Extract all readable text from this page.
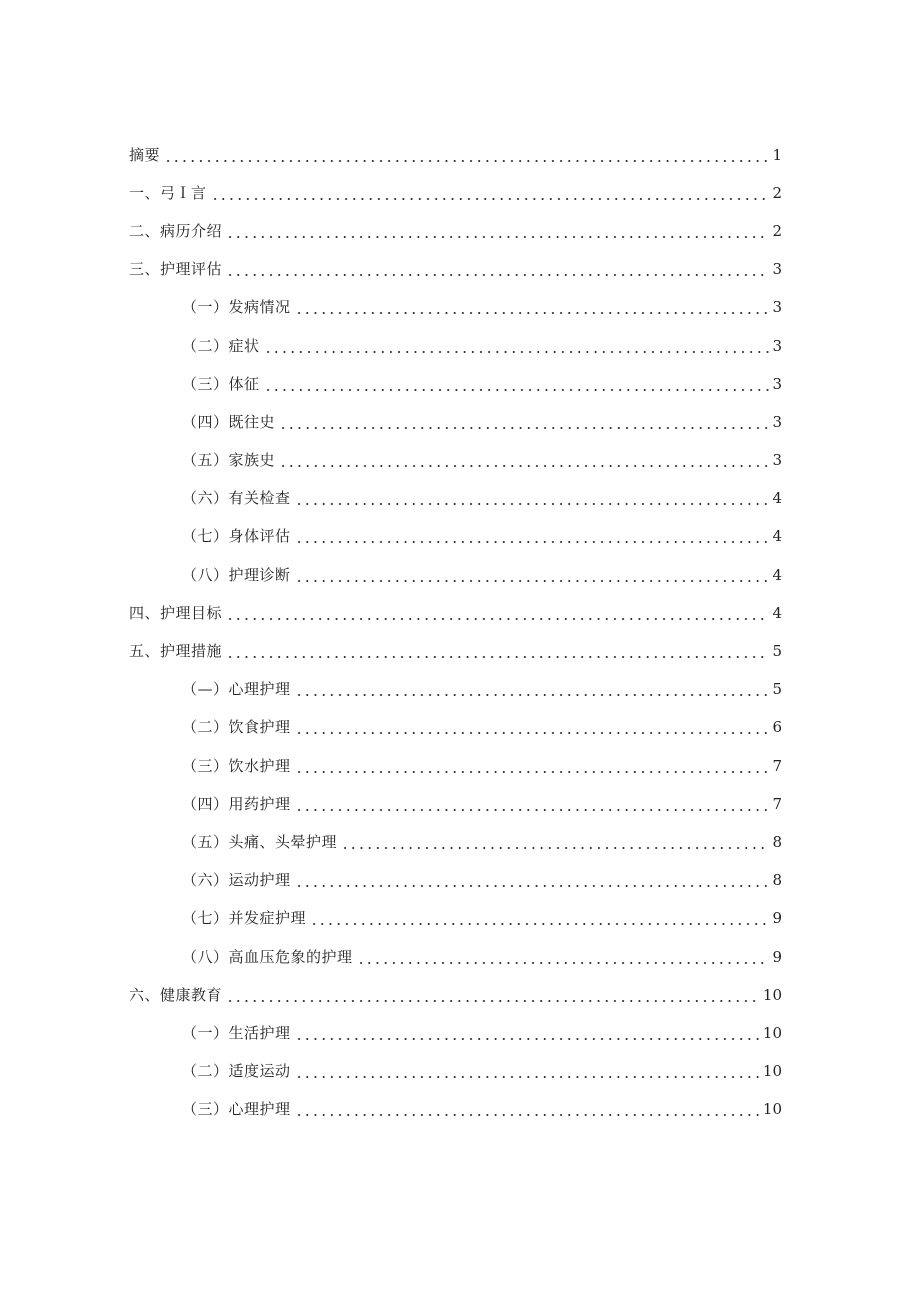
摘要	1
一、弓Ｉ言	2
二、病历介绍	2
三、护理评估	3
（一）发病情况	3
（二）症状	3
（三）体征	3
（四）既往史	3
（五）家族史	3
（六）有关检查	4
（七）身体评估	4
（八）护理诊断	4
四、护理目标	4
五、护理措施	5
（—）心理护理	5
（二）饮食护理	6
（三）饮水护理	7
（四）用药护理	7
（五）头痛、头晕护理	8
（六）运动护理	8
（七）并发症护理	9
（八）高血压危象的护理	9
六、健康教育	10
（一）生活护理	10
（二）适度运动	10
（三）心理护理	10
